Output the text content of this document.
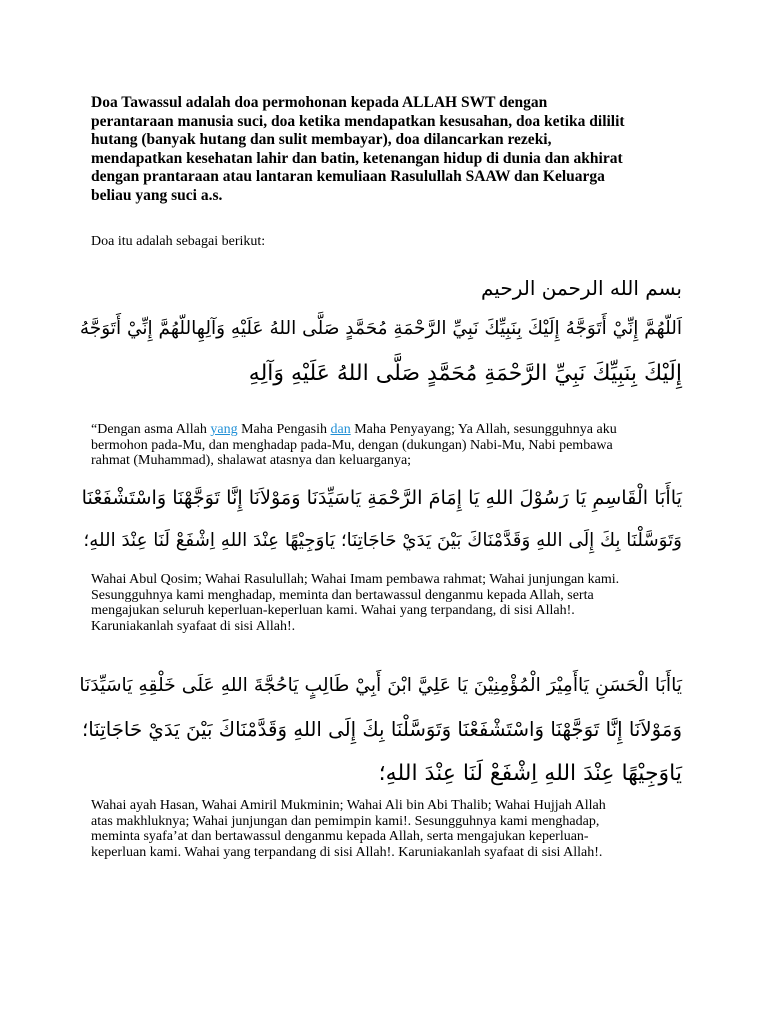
Doa Tawassul adalah doa permohonan kepada ALLAH SWT dengan
perantaraan manusia suci, doa ketika mendapatkan kesusahan, doa ketika dililit
hutang (banyak hutang dan sulit membayar), doa dilancarkan rezeki,
mendapatkan kesehatan lahir dan batin, ketenangan hidup di dunia dan akhirat
dengan prantaraan atau lantaran kemuliaan Rasulullah SAAW dan Keluarga
beliau yang suci a.s.
Doa itu adalah sebagai berikut:
بسم الله الرحمن الرحيم
اَللّهُمَّ إِنِّيْ أَتَوَجَّهُ إِلَيْكَ بِنَبِيِّكَ نَبِيِّ الرَّحْمَةِ مُحَمَّدٍ صَلَّى اللهُ عَلَيْهِ وَآلِهِاللّهُمَّ إِنِّيْ أَتَوَجَّهُ
إِلَيْكَ بِنَبِيِّكَ نَبِيِّ الرَّحْمَةِ مُحَمَّدٍ صَلَّى اللهُ عَلَيْهِ وَآلِهِ
“Dengan asma Allah yang Maha Pengasih dan Maha Penyayang; Ya Allah, sesungguhnya aku
bermohon pada-Mu, dan menghadap pada-Mu, dengan (dukungan) Nabi-Mu, Nabi pembawa
rahmat (Muhammad), shalawat atasnya dan keluarganya;
يَاأَبَا الْقَاسِمِ يَا رَسُوْلَ اللهِ يَا إِمَامَ الرَّحْمَةِ يَاسَيِّدَنَا وَمَوْلاَنَا إِنَّا تَوَجَّهْنَا وَاسْتَشْفَعْنَا
وَتَوَسَّلْنَا بِكَ إِلَى اللهِ وَقَدَّمْنَاكَ بَيْنَ يَدَيْ حَاجَاتِنَا؛ يَاوَجِيْهًا عِنْدَ اللهِ اِشْفَعْ لَنَا عِنْدَ اللهِ؛
Wahai Abul Qosim; Wahai Rasulullah; Wahai Imam pembawa rahmat; Wahai junjungan kami.
Sesungguhnya kami menghadap, meminta dan bertawassul denganmu kepada Allah, serta
mengajukan seluruh keperluan-keperluan kami. Wahai yang terpandang, di sisi Allah!.
Karuniakanlah syafaat di sisi Allah!.
يَاأَبَا الْحَسَنِ يَاأَمِيْرَ الْمُؤْمِنِيْنَ يَا عَلِيَّ ابْنَ أَبِيْ طَالِبٍ يَاحُجَّةَ اللهِ عَلَى خَلْقِهِ يَاسَيِّدَنَا
وَمَوْلاَنَا إِنَّا تَوَجَّهْنَا وَاسْتَشْفَعْنَا وَتَوَسَّلْنَا بِكَ إِلَى اللهِ وَقَدَّمْنَاكَ بَيْنَ يَدَيْ حَاجَاتِنَا؛
يَاوَجِيْهًا عِنْدَ اللهِ اِشْفَعْ لَنَا عِنْدَ اللهِ؛
Wahai ayah Hasan, Wahai Amiril Mukminin; Wahai Ali bin Abi Thalib; Wahai Hujjah Allah
atas makhluknya; Wahai junjungan dan pemimpin kami!. Sesungguhnya kami menghadap,
meminta syafa’at dan bertawassul denganmu kepada Allah, serta mengajukan keperluan-
keperluan kami. Wahai yang terpandang di sisi Allah!. Karuniakanlah syafaat di sisi Allah!.
